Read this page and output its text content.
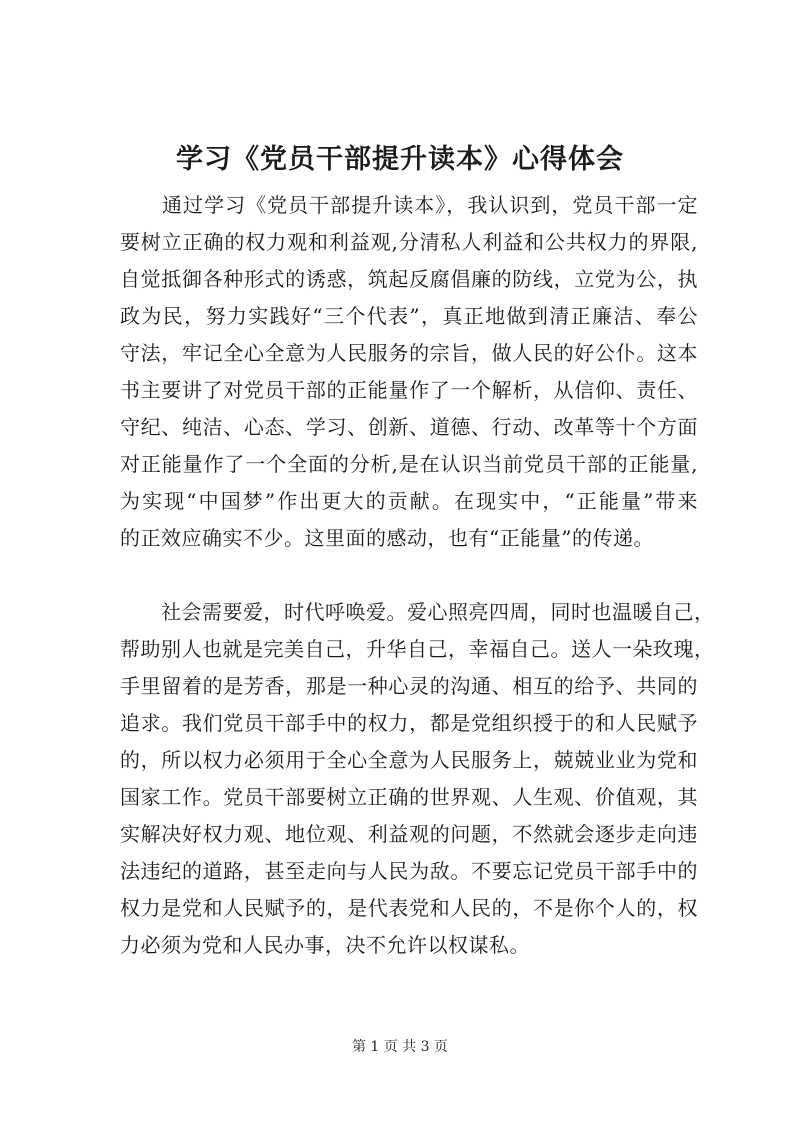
学习《党员干部提升读本》心得体会
　　通过学习《党员干部提升读本》，我认识到，党员干部一定
要树立正确的权力观和利益观,分清私人利益和公共权力的界限,
自觉抵御各种形式的诱惑，筑起反腐倡廉的防线，立党为公，执
政为民，努力实践好“三个代表”，真正地做到清正廉洁、奉公
守法，牢记全心全意为人民服务的宗旨，做人民的好公仆。这本
书主要讲了对党员干部的正能量作了一个解析，从信仰、责任、
守纪、纯洁、心态、学习、创新、道德、行动、改革等十个方面
对正能量作了一个全面的分析,是在认识当前党员干部的正能量,
为实现“中国梦”作出更大的贡献。在现实中，“正能量”带来
的正效应确实不少。这里面的感动，也有“正能量”的传递。
　　社会需要爱，时代呼唤爱。爱心照亮四周，同时也温暖自己，
帮助别人也就是完美自己，升华自己，幸福自己。送人一朵玫瑰，
手里留着的是芳香，那是一种心灵的沟通、相互的给予、共同的
追求。我们党员干部手中的权力，都是党组织授于的和人民赋予
的，所以权力必须用于全心全意为人民服务上，兢兢业业为党和
国家工作。党员干部要树立正确的世界观、人生观、价值观，其
实解决好权力观、地位观、利益观的问题，不然就会逐步走向违
法违纪的道路，甚至走向与人民为敌。不要忘记党员干部手中的
权力是党和人民赋予的，是代表党和人民的，不是你个人的，权
力必须为党和人民办事，决不允许以权谋私。
第 1 页 共 3 页
